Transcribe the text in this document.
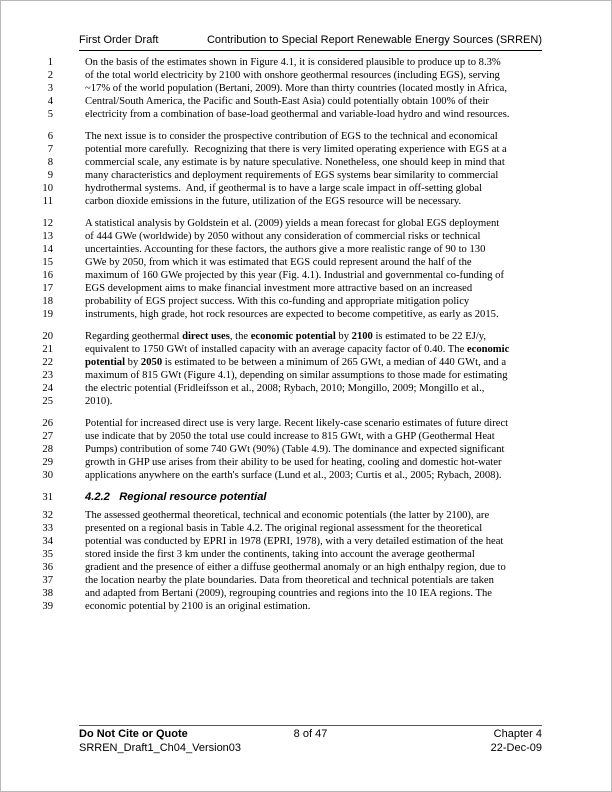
First Order Draft	Contribution to Special Report Renewable Energy Sources (SRREN)
1	On the basis of the estimates shown in Figure 4.1, it is considered plausible to produce up to 8.3%
2	of the total world electricity by 2100 with onshore geothermal resources (including EGS), serving
3	~17% of the world population (Bertani, 2009). More than thirty countries (located mostly in Africa,
4	Central/South America, the Pacific and South-East Asia) could potentially obtain 100% of their
5	electricity from a combination of base-load geothermal and variable-load hydro and wind resources.
6	The next issue is to consider the prospective contribution of EGS to the technical and economical
7	potential more carefully.  Recognizing that there is very limited operating experience with EGS at a
8	commercial scale, any estimate is by nature speculative. Nonetheless, one should keep in mind that
9	many characteristics and deployment requirements of EGS systems bear similarity to commercial
10	hydrothermal systems.  And, if geothermal is to have a large scale impact in off-setting global
11	carbon dioxide emissions in the future, utilization of the EGS resource will be necessary.
12	A statistical analysis by Goldstein et al. (2009) yields a mean forecast for global EGS deployment
13	of 444 GWe (worldwide) by 2050 without any consideration of commercial risks or technical
14	uncertainties. Accounting for these factors, the authors give a more realistic range of 90 to 130
15	GWe by 2050, from which it was estimated that EGS could represent around the half of the
16	maximum of 160 GWe projected by this year (Fig. 4.1). Industrial and governmental co-funding of
17	EGS development aims to make financial investment more attractive based on an increased
18	probability of EGS project success. With this co-funding and appropriate mitigation policy
19	instruments, high grade, hot rock resources are expected to become competitive, as early as 2015.
20	Regarding geothermal direct uses, the economic potential by 2100 is estimated to be 22 EJ/y,
21	equivalent to 1750 GWt of installed capacity with an average capacity factor of 0.40. The economic
22	potential by 2050 is estimated to be between a minimum of 265 GWt, a median of 440 GWt, and a
23	maximum of 815 GWt (Figure 4.1), depending on similar assumptions to those made for estimating
24	the electric potential (Fridleifsson et al., 2008; Rybach, 2010; Mongillo, 2009; Mongillo et al.,
25	2010).
26	Potential for increased direct use is very large. Recent likely-case scenario estimates of future direct
27	use indicate that by 2050 the total use could increase to 815 GWt, with a GHP (Geothermal Heat
28	Pumps) contribution of some 740 GWt (90%) (Table 4.9). The dominance and expected significant
29	growth in GHP use arises from their ability to be used for heating, cooling and domestic hot-water
30	applications anywhere on the earth's surface (Lund et al., 2003; Curtis et al., 2005; Rybach, 2008).
31	4.2.2   Regional resource potential
32	The assessed geothermal theoretical, technical and economic potentials (the latter by 2100), are
33	presented on a regional basis in Table 4.2. The original regional assessment for the theoretical
34	potential was conducted by EPRI in 1978 (EPRI, 1978), with a very detailed estimation of the heat
35	stored inside the first 3 km under the continents, taking into account the average geothermal
36	gradient and the presence of either a diffuse geothermal anomaly or an high enthalpy region, due to
37	the location nearby the plate boundaries. Data from theoretical and technical potentials are taken
38	and adapted from Bertani (2009), regrouping countries and regions into the 10 IEA regions. The
39	economic potential by 2100 is an original estimation.
Do Not Cite or Quote	8 of 47	Chapter 4
SRREN_Draft1_Ch04_Version03	22-Dec-09
